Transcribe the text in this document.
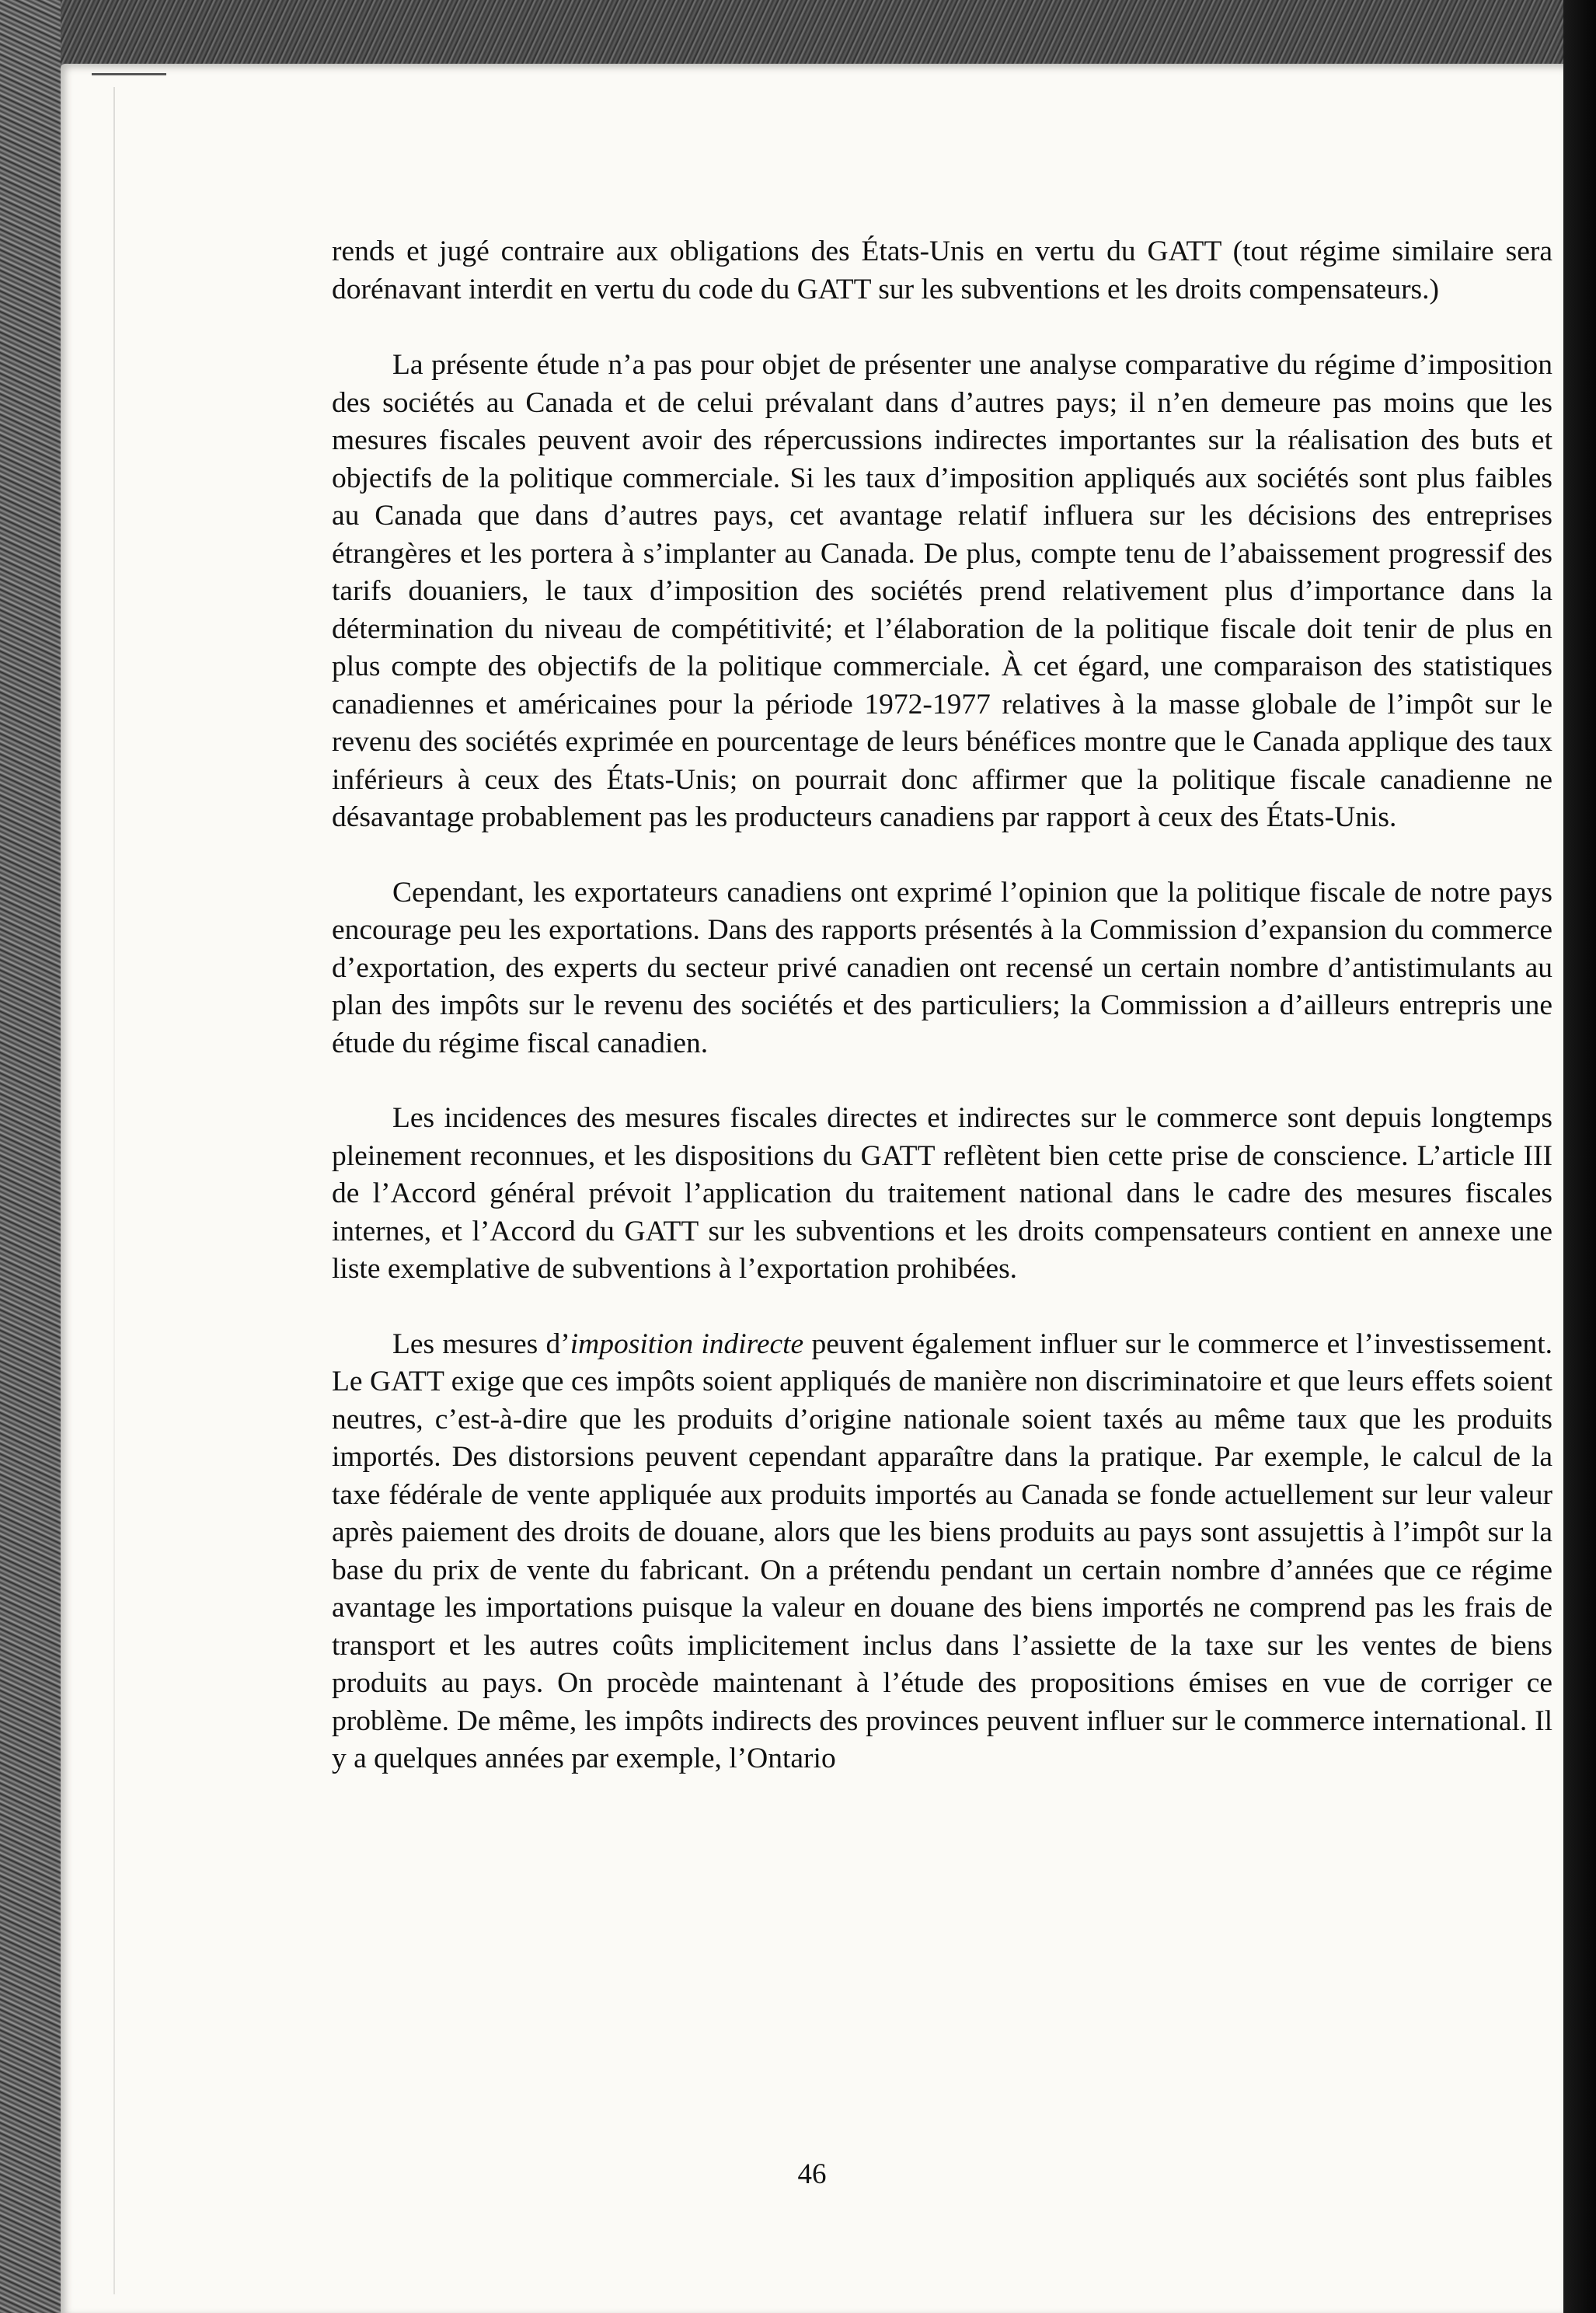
rends et jugé contraire aux obligations des États-Unis en vertu du GATT (tout régime similaire sera dorénavant interdit en vertu du code du GATT sur les subventions et les droits compensateurs.)

La présente étude n’a pas pour objet de présenter une analyse comparative du régime d’imposition des sociétés au Canada et de celui prévalant dans d’autres pays; il n’en demeure pas moins que les mesures fiscales peuvent avoir des répercussions indirectes importantes sur la réalisation des buts et objectifs de la politique commerciale. Si les taux d’imposition appliqués aux sociétés sont plus faibles au Canada que dans d’autres pays, cet avantage relatif influera sur les décisions des entreprises étrangères et les portera à s’implanter au Canada. De plus, compte tenu de l’abaissement progressif des tarifs douaniers, le taux d’imposition des sociétés prend relativement plus d’importance dans la détermination du niveau de compétitivité; et l’élaboration de la politique fiscale doit tenir de plus en plus compte des objectifs de la politique commerciale. À cet égard, une comparaison des statistiques canadiennes et américaines pour la période 1972-1977 relatives à la masse globale de l’impôt sur le revenu des sociétés exprimée en pourcentage de leurs bénéfices montre que le Canada applique des taux inférieurs à ceux des États-Unis; on pourrait donc affirmer que la politique fiscale canadienne ne désavantage probablement pas les producteurs canadiens par rapport à ceux des États-Unis.

Cependant, les exportateurs canadiens ont exprimé l’opinion que la politique fiscale de notre pays encourage peu les exportations. Dans des rapports présentés à la Commission d’expansion du commerce d’exportation, des experts du secteur privé canadien ont recensé un certain nombre d’antistimulants au plan des impôts sur le revenu des sociétés et des particuliers; la Commission a d’ailleurs entrepris une étude du régime fiscal canadien.

Les incidences des mesures fiscales directes et indirectes sur le commerce sont depuis longtemps pleinement reconnues, et les dispositions du GATT reflètent bien cette prise de conscience. L’article III de l’Accord général prévoit l’application du traitement national dans le cadre des mesures fiscales internes, et l’Accord du GATT sur les subventions et les droits compensateurs contient en annexe une liste exemplative de subventions à l’exportation prohibées.

Les mesures d’imposition indirecte peuvent également influer sur le commerce et l’investissement. Le GATT exige que ces impôts soient appliqués de manière non discriminatoire et que leurs effets soient neutres, c’est-à-dire que les produits d’origine nationale soient taxés au même taux que les produits importés. Des distorsions peuvent cependant apparaître dans la pratique. Par exemple, le calcul de la taxe fédérale de vente appliquée aux produits importés au Canada se fonde actuellement sur leur valeur après paiement des droits de douane, alors que les biens produits au pays sont assujettis à l’impôt sur la base du prix de vente du fabricant. On a prétendu pendant un certain nombre d’années que ce régime avantage les importations puisque la valeur en douane des biens importés ne comprend pas les frais de transport et les autres coûts implicitement inclus dans l’assiette de la taxe sur les ventes de biens produits au pays. On procède maintenant à l’étude des propositions émises en vue de corriger ce problème. De même, les impôts indirects des provinces peuvent influer sur le commerce international. Il y a quelques années par exemple, l’Ontario

46
